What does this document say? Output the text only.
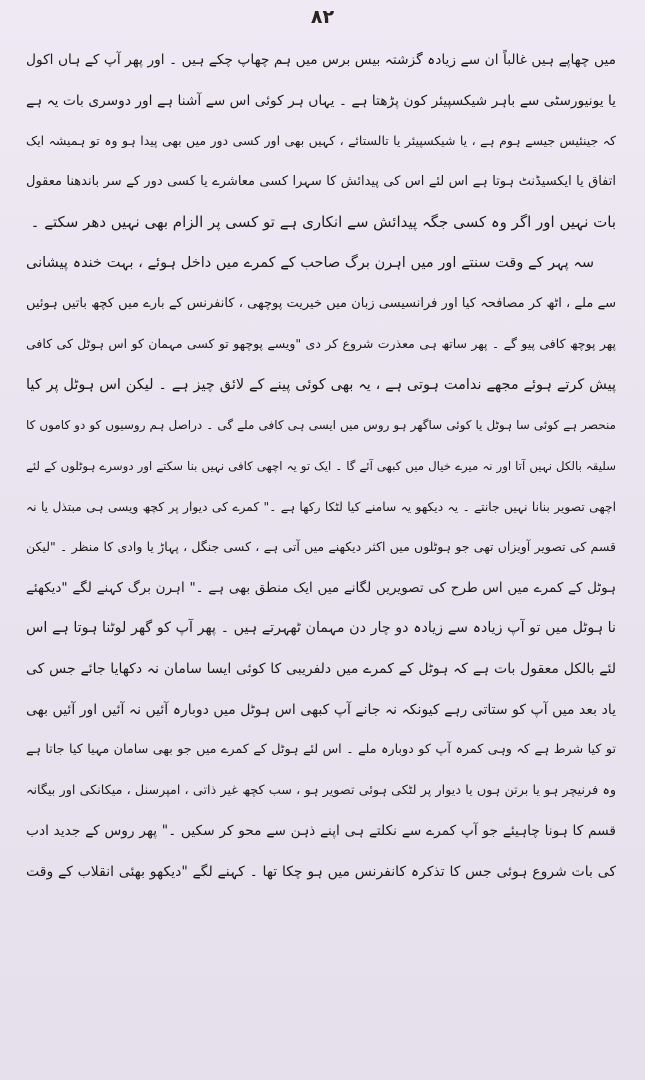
۸۲
میں چھاپے ہیں غالباً ان سے زیادہ گزشتہ بیس برس میں ہم چھاپ چکے ہیں ۔ اور پھر آپ کے ہاں اکول
یا یونیورسٹی سے باہر شیکسپیئر کون پڑھتا ہے ۔ یہاں ہر کوئی اس سے آشنا ہے اور دوسری بات یہ ہے
کہ جینئیس جیسے ہوم ہے ، یا شیکسپیئر یا تالستائے ، کہیں بھی اور کسی دور میں بھی پیدا ہو وہ تو ہمیشہ ایک
اتفاق یا ایکسیڈنٹ ہوتا ہے اس لئے اس کی پیدائش کا سہرا کسی معاشرے یا کسی دور کے سر باندھنا معقول
بات نہیں اور اگر وہ کسی جگہ پیدائش سے انکاری ہے تو کسی پر الزام بھی نہیں دھر سکتے ۔
سہ پہر کے وقت سنتے اور میں اہرن برگ صاحب کے کمرے میں داخل ہوئے ، بہت خندہ پیشانی
سے ملے ، اٹھ کر مصافحہ کیا اور فرانسیسی زبان میں خیریت پوچھی ، کانفرنس کے بارے میں کچھ باتیں ہوئیں
پھر پوچھ کافی پیو گے ۔ پھر ساتھ ہی معذرت شروع کر دی "ویسے پوچھو تو کسی مہمان کو اس ہوٹل کی کافی
پیش کرتے ہوئے مجھے ندامت ہوتی ہے ، یہ بھی کوئی پینے کے لائق چیز ہے ۔ لیکن اس ہوٹل پر کیا
منحصر ہے کوئی سا ہوٹل یا کوئی ساگھر ہو روس میں ایسی ہی کافی ملے گی ۔ دراصل ہم روسیوں کو دو کاموں کا
سلیقہ بالکل نہیں آتا اور نہ میرے خیال میں کبھی آئے گا ۔ ایک تو یہ اچھی کافی نہیں بنا سکتے اور دوسرے ہوٹلوں کے لئے
اچھی تصویر بنانا نہیں جانتے ۔ یہ دیکھو یہ سامنے کیا لٹکا رکھا ہے ۔" کمرے کی دیوار پر کچھ ویسی ہی مبتذل یا نہ
قسم کی تصویر آویزاں تھی جو ہوٹلوں میں اکثر دیکھنے میں آتی ہے ، کسی جنگل ، پہاڑ یا وادی کا منظر ۔ "لیکن
ہوٹل کے کمرے میں اس طرح کی تصویریں لگانے میں ایک منطق بھی ہے ۔" اہرن برگ کہنے لگے "دیکھئے
نا ہوٹل میں تو آپ زیادہ سے زیادہ دو چار دن مہمان ٹھہرتے ہیں ۔ پھر آپ کو گھر لوٹنا ہوتا ہے اس
لئے بالکل معقول بات ہے کہ ہوٹل کے کمرے میں دلفریبی کا کوئی ایسا سامان نہ دکھایا جائے جس کی
یاد بعد میں آپ کو ستاتی رہے کیونکہ نہ جانے آپ کبھی اس ہوٹل میں دوبارہ آئیں نہ آئیں اور آئیں بھی
تو کیا شرط ہے کہ وہی کمرہ آپ کو دوبارہ ملے ۔ اس لئے ہوٹل کے کمرے میں جو بھی سامان مہیا کیا جاتا ہے
وہ فرنیچر ہو یا برتن ہوں یا دیوار پر لٹکی ہوئی تصویر ہو ، سب کچھ غیر ذاتی ، امپرسنل ، میکانکی اور بیگانہ
قسم کا ہونا چاہیئے جو آپ کمرے سے نکلتے ہی اپنے ذہن سے محو کر سکیں ۔" پھر روس کے جدید ادب
کی بات شروع ہوئی جس کا تذکرہ کانفرنس میں ہو چکا تھا ۔ کہنے لگے "دیکھو بھئی انقلاب کے وقت
